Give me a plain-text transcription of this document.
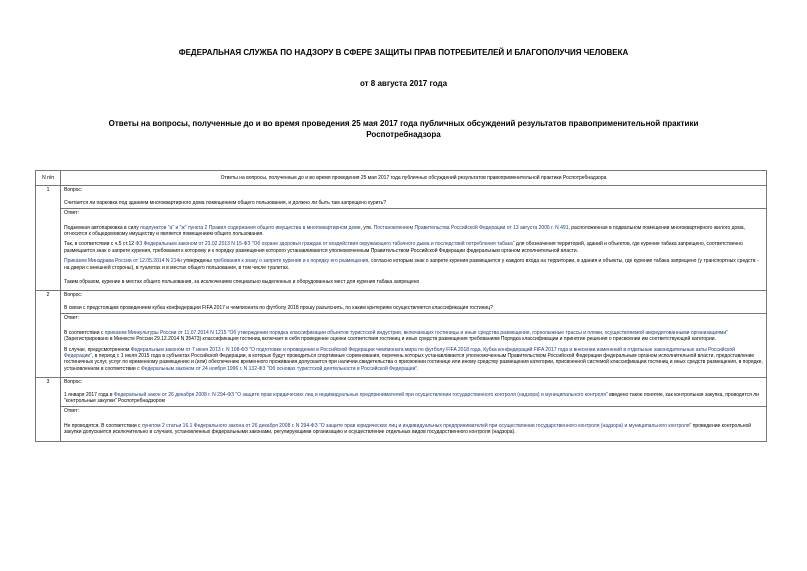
ФЕДЕРАЛЬНАЯ СЛУЖБА ПО НАДЗОРУ В СФЕРЕ ЗАЩИТЫ ПРАВ ПОТРЕБИТЕЛЕЙ И БЛАГОПОЛУЧИЯ ЧЕЛОВЕКА
от 8 августа 2017 года
Ответы на вопросы, полученные до и во время проведения 25 мая 2017 года публичных обсуждений результатов правоприменительной практики Роспотребнадзора
N п/п	Ответы на вопросы, полученные до и во время проведения 25 мая 2017 года публичных обсуждений результатов правоприменительной практики Роспотребнадзора
1	Вопрос:
Считается ли парковка под зданием многоквартирного дома помещением общего пользования, и должно ли быть там запрещено курить?

	Ответ:

Подземная автопарковка в силу подпунктов "а" и "ж" пункта 2 Правил содержания общего имущества в многоквартирном доме, утв. Постановлением Правительства Российской Федерации от 13 августа 2006 г. N 491, расположенная в подвальном помещении многоквартирного жилого дома, относится к общедомовому имуществу и является помещением общего пользования.

Так, в соответствии с ч.5 ст.12 ФЗ Федеральным законом от 23.02.2013 N 15-ФЗ "Об охране здоровья граждан от воздействия окружающего табачного дыма и последствий потребления табака" для обозначения территорий, зданий и объектов, где курение табака запрещено, соответственно размещается знак о запрете курения, требования к которому и к порядку размещения которого устанавливаются уполномоченным Правительством Российской Федерации федеральным органом исполнительной власти.

Приказом Минздрава России от 12.05.2014 N 214н утверждены требования к знаку о запрете курения и к порядку его размещения, согласно которым знак о запрете курения размещается у каждого входа на территории, в здания и объекты, где курение табака запрещено (у транспортных средств - на двери с внешней стороны), в туалетах и в местах общего пользования, в том числе туалетах.

Таким образом, курение в местах общего пользования, за исключением специально выделенных и оборудованных мест для курения табака запрещено

2	Вопрос:
В связи с предстоящим проведением кубка конфедерации FIFA 2017 и чемпионата по футболу 2018 прошу разъяснить, по каким критериям осуществляется классификация гостиниц?

	Ответ:

В соответствии с приказом Минкультуры России от 11.07.2014 N 1215 "Об утверждении порядка классификации объектов туристской индустрии, включающих гостиницы и иные средства размещения, горнолыжные трассы и пляжи, осуществляемой аккредитованными организациями" (Зарегистрировано в Минюсте России 29.12.2014 N 35473) классификация гостиниц включает в себя проведение оценки соответствия гостиниц и иных средств размещения требованиям Порядка классификации и принятие решения о присвоении им соответствующей категории.

В случае, предусмотренном Федеральным законом от 7 июня 2013 г. N 108-ФЗ "О подготовке и проведении в Российской Федерации чемпионата мира по футболу FIFA 2018 года, Кубка конфедераций FIFA 2017 года и внесении изменений в отдельные законодательные акты Российской Федерации", в период с 1 июля 2015 года в субъектах Российской Федерации, в которых будут проводиться спортивные соревнования, перечень которых устанавливается уполномоченным Правительством Российской Федерации федеральным органом исполнительной власти, предоставление гостиничных услуг, услуг по временному размещению и (или) обеспечению временного проживания допускается при наличии свидетельства о присвоении гостинице или иному средству размещения категории, присвоенной системой классификации гостиниц и иных средств размещения, в порядке, установленном в соответствии с Федеральным законом от 24 ноября 1996 г. N 132-ФЗ "Об основах туристской деятельности в Российской Федерации".

3	Вопрос:
1 января 2017 года в Федеральный закон от 26 декабря 2008 г. N 294-ФЗ "О защите прав юридических лиц и индивидуальных предпринимателей при осуществлении государственного контроля (надзора) и муниципального контроля" введено такое понятие, как контрольная закупка, проводятся ли "контрольные закупки" Роспотребнадзором

	Ответ:

Не проводятся. В соответствии с пунктом 2 статьи 16.1 Федерального закона от 26 декабря 2008 г. N 294-ФЗ "О защите прав юридических лиц и индивидуальных предпринимателей при осуществлении государственного контроля (надзора) и муниципального контроля" проведение контрольной закупки допускается исключительно в случаях, установленных федеральными законами, регулирующими организацию и осуществление отдельных видов государственного контроля (надзора).
